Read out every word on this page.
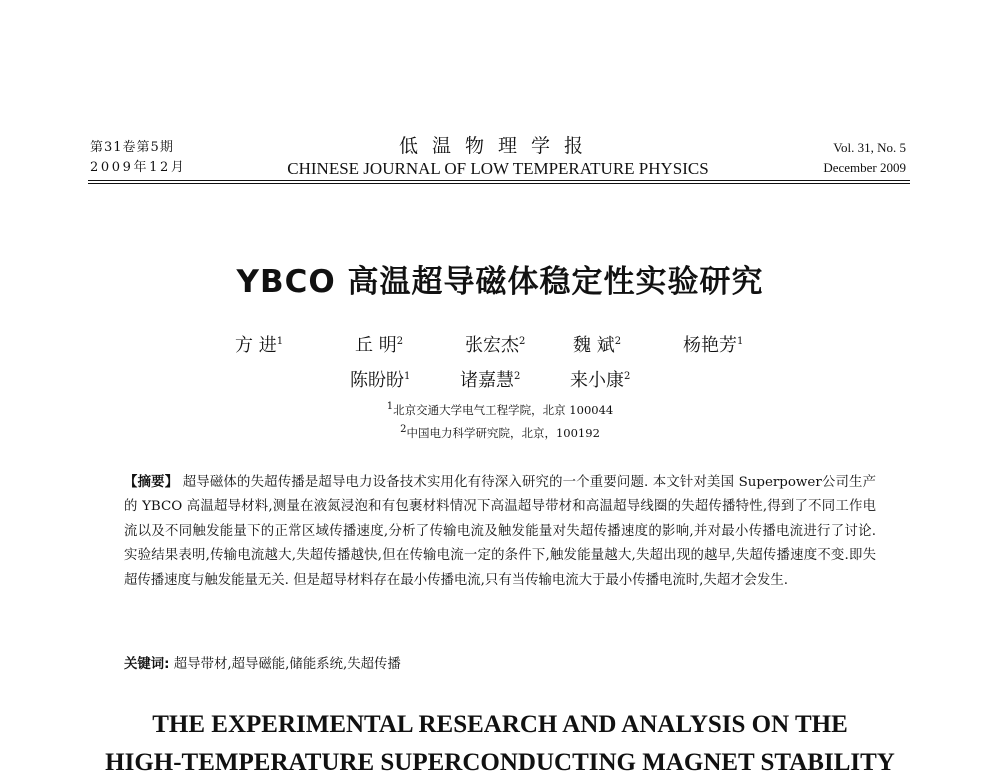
第31卷第5期
2009年12月
低温物理学报
CHINESE JOURNAL OF LOW TEMPERATURE PHYSICS
Vol. 31, No. 5
December 2009
YBCO 高温超导磁体稳定性实验研究
方 进$^1$	丘 明$^2$	张宏杰$^2$	魏 斌$^2$	杨艳芳$^1$
陈盼盼$^1$	诸嘉慧$^2$	来小康$^2$
$^1$北京交通大学电气工程学院，北京 100044
$^2$中国电力科学研究院，北京，100192
【摘要】 超导磁体的失超传播是超导电力设备技术实用化有待深入研究的一个重要问题. 本文针对美国 Superpower公司生产的 YBCO 高温超导材料,测量在液氮浸泡和有包裹材料情况下高温超导带材和高温超导线圈的失超传播特性,得到了不同工作电流以及不同触发能量下的正常区域传播速度,分析了传输电流及触发能量对失超传播速度的影响,并对最小传播电流进行了讨论. 实验结果表明,传输电流越大,失超传播越快,但在传输电流一定的条件下,触发能量越大,失超出现的越早,失超传播速度不变.即失超传播速度与触发能量无关. 但是超导材料存在最小传播电流,只有当传输电流大于最小传播电流时,失超才会发生.
关键词: 超导带材,超导磁能,储能系统,失超传播
THE EXPERIMENTAL RESEARCH AND ANALYSIS ON THE
HIGH-TEMPERATURE SUPERCONDUCTING MAGNET STABILITY
